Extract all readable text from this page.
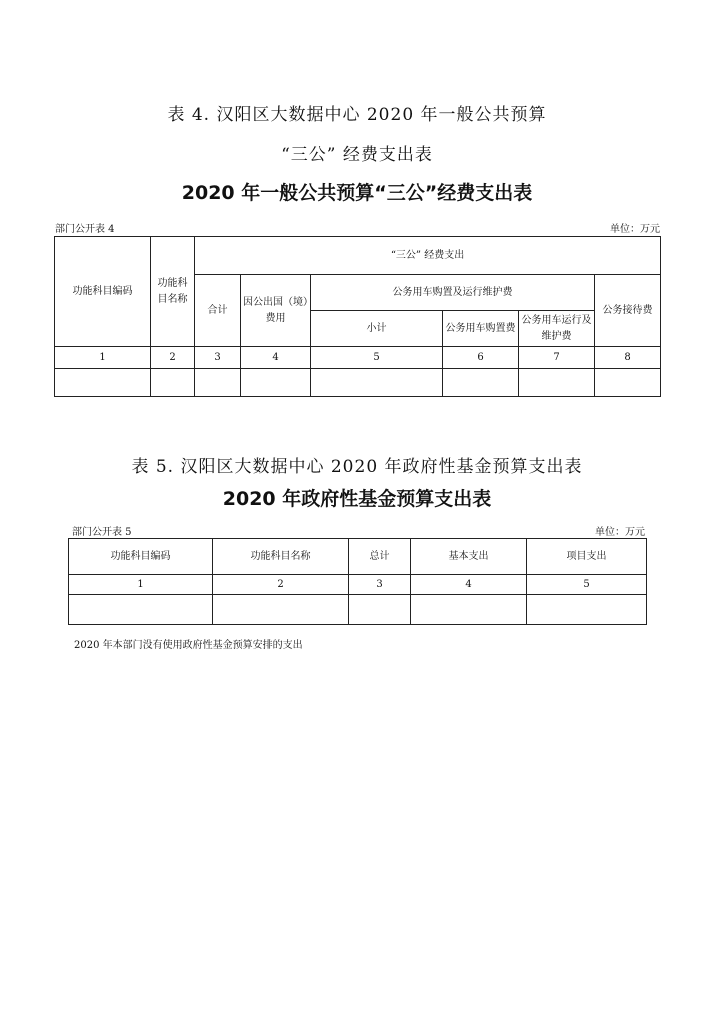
表 4. 汉阳区大数据中心 2020 年一般公共预算
“三公” 经费支出表
2020 年一般公共预算“三公”经费支出表
部门公开表 4	单位：万元
功能科目编码	功能科目名称	“三公” 经费支出					
		合计	因公出国（境）费用	公务用车购置及运行维护费			公务接待费
				小计	公务用车购置费	公务用车运行及维护费	
1	2	3	4	5	6	7	8

表 5. 汉阳区大数据中心 2020 年政府性基金预算支出表
2020 年政府性基金预算支出表
部门公开表 5	单位：万元
功能科目编码	功能科目名称	总计	基本支出	项目支出
1	2	3	4	5

2020 年本部门没有使用政府性基金预算安排的支出
